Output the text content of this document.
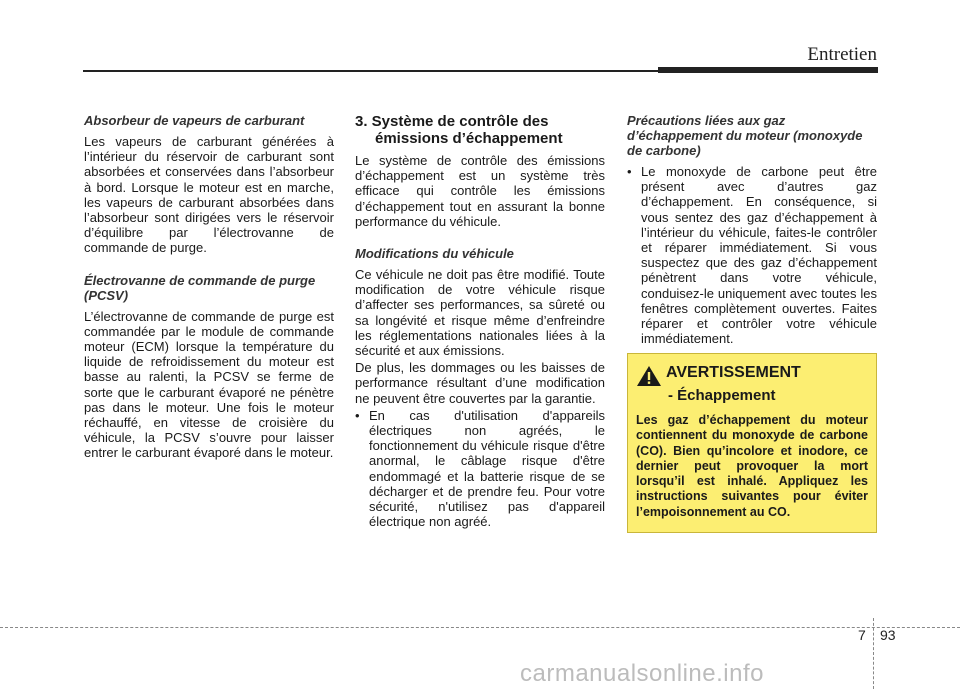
Entretien

Absorbeur de vapeurs de carburant

Les vapeurs de carburant générées à l’intérieur du réservoir de carburant sont absorbées et conservées dans l’absorbeur à bord. Lorsque le moteur est en marche, les vapeurs de carburant absorbées dans l’absorbeur sont dirigées vers le réservoir d’équilibre par l’électrovanne de commande de purge.

Électrovanne de commande de purge (PCSV)

L’électrovanne de commande de purge est commandée par le module de commande moteur (ECM) lorsque la température du liquide de refroidissement du moteur est basse au ralenti, la PCSV se ferme de sorte que le carburant évaporé ne pénètre pas dans le moteur. Une fois le moteur réchauffé, en vitesse de croisière du véhicule, la PCSV s’ouvre pour laisser entrer le carburant évaporé dans le moteur.

3. Système de contrôle des émissions d’échappement

Le système de contrôle des émissions d’échappement est un système très efficace qui contrôle les émissions d’échappement tout en assurant la bonne performance du véhicule.

Modifications du véhicule

Ce véhicule ne doit pas être modifié. Toute modification de votre véhicule risque d’affecter ses performances, sa sûreté ou sa longévité et risque même d’enfreindre les réglementations nationales liées à la sécurité et aux émissions.

De plus, les dommages ou les baisses de performance résultant d’une modification ne peuvent être couvertes par la garantie.

• En cas d'utilisation d'appareils électriques non agréés, le fonctionnement du véhicule risque d'être anormal, le câblage risque d'être endommagé et la batterie risque de se décharger et de prendre feu. Pour votre sécurité, n'utilisez pas d'appareil électrique non agréé.

Précautions liées aux gaz d’échappement du moteur (monoxyde de carbone)

• Le monoxyde de carbone peut être présent avec d’autres gaz d’échappement. En conséquence, si vous sentez des gaz d’échappement à l’intérieur du véhicule, faites-le contrôler et réparer immédiatement. Si vous suspectez que des gaz d’échappement pénètrent dans votre véhicule, conduisez-le uniquement avec toutes les fenêtres complètement ouvertes. Faites réparer et contrôler votre véhicule immédiatement.
AVERTISSEMENT
- Échappement
Les gaz d’échappement du moteur contiennent du monoxyde de carbone (CO). Bien qu’incolore et inodore, ce dernier peut provoquer la mort lorsqu’il est inhalé. Appliquez les instructions suivantes pour éviter l’empoisonnement au CO.
7 93
carmanualsonline.info
